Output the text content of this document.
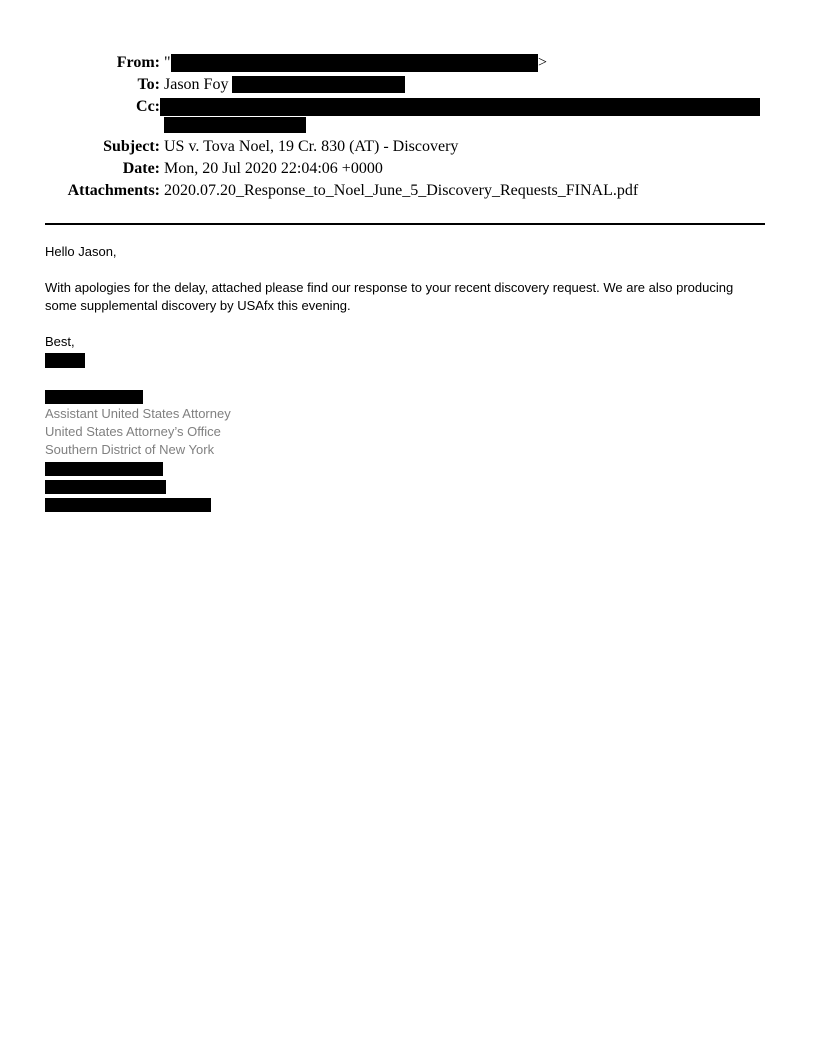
From: "	>
To: Jason Foy
Cc:
Subject: US v. Tova Noel, 19 Cr. 830 (AT) - Discovery
Date: Mon, 20 Jul 2020 22:04:06 +0000
Attachments: 2020.07.20_Response_to_Noel_June_5_Discovery_Requests_FINAL.pdf
Hello Jason,
With apologies for the delay, attached please find our response to your recent discovery request. We are also producing
some supplemental discovery by USAfx this evening.
Best,
Assistant United States Attorney
United States Attorney’s Office
Southern District of New York
